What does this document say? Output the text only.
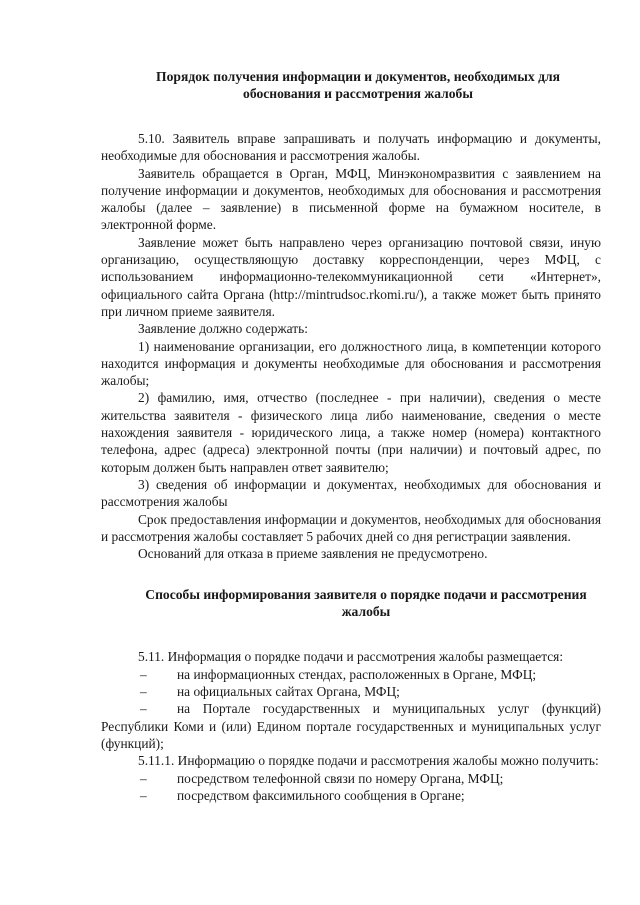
Порядок получения информации и документов, необходимых для обоснования и рассмотрения жалобы

5.10. Заявитель вправе запрашивать и получать информацию и документы, необходимые для обоснования и рассмотрения жалобы.

Заявитель обращается в Орган, МФЦ, Минэкономразвития с заявлением на получение информации и документов, необходимых для обоснования и рассмотрения жалобы (далее – заявление) в письменной форме на бумажном носителе, в электронной форме.

Заявление может быть направлено через организацию почтовой связи, иную организацию, осуществляющую доставку корреспонденции, через МФЦ, с использованием информационно-телекоммуникационной сети «Интернет», официального сайта Органа (http://mintrudsoc.rkomi.ru/), а также может быть принято при личном приеме заявителя.

Заявление должно содержать:

1) наименование организации, его должностного лица, в компетенции которого находится информация и документы необходимые для обоснования и рассмотрения жалобы;

2) фамилию, имя, отчество (последнее - при наличии), сведения о месте жительства заявителя - физического лица либо наименование, сведения о месте нахождения заявителя - юридического лица, а также номер (номера) контактного телефона, адрес (адреса) электронной почты (при наличии) и почтовый адрес, по которым должен быть направлен ответ заявителю;

3) сведения об информации и документах, необходимых для обоснования и рассмотрения жалобы

Срок предоставления информации и документов, необходимых для обоснования и рассмотрения жалобы составляет 5 рабочих дней со дня регистрации заявления.

Оснований для отказа в приеме заявления не предусмотрено.

Способы информирования заявителя о порядке подачи и рассмотрения жалобы

5.11. Информация о порядке подачи и рассмотрения жалобы размещается:

–	на информационных стендах, расположенных в Органе, МФЦ;
–	на официальных сайтах Органа, МФЦ;

– на Портале государственных и муниципальных услуг (функций) Республики Коми и (или) Едином портале государственных и муниципальных услуг (функций);

5.11.1. Информацию о порядке подачи и рассмотрения жалобы можно получить:

–	посредством телефонной связи по номеру Органа, МФЦ;
–	посредством факсимильного сообщения в Органе;
